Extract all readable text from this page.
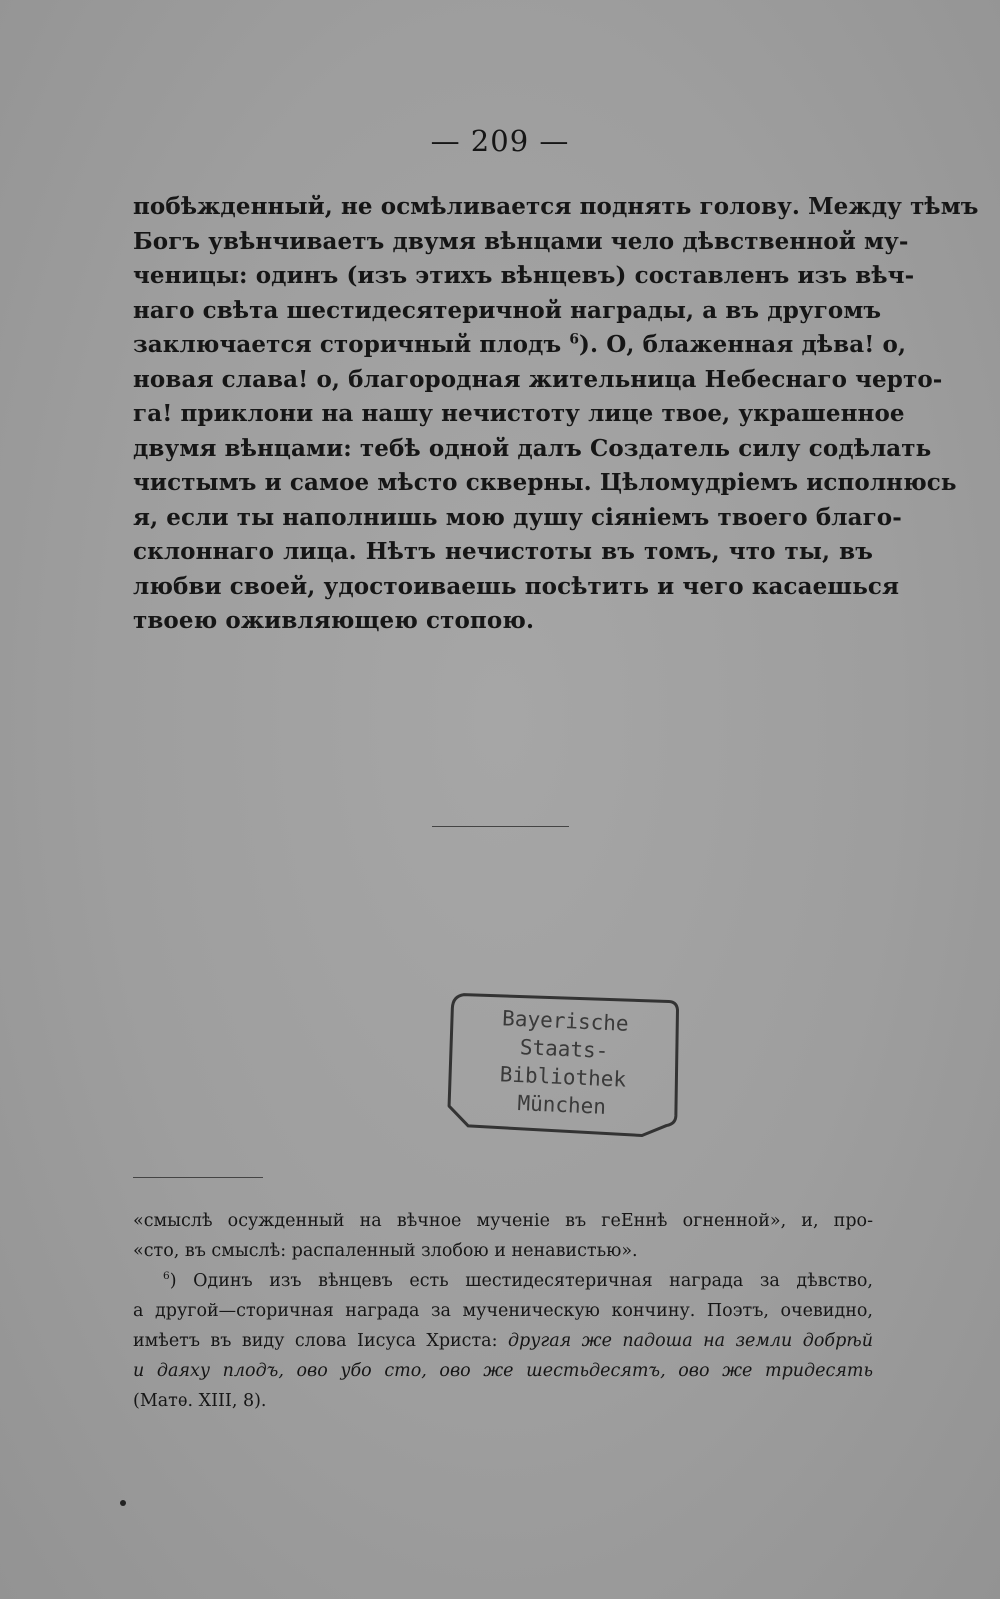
— 209 —
побѣжденный, не осмѣливается поднять голову. Между тѣмъ
Богъ увѣнчиваетъ двумя вѣнцами чело дѣвственной му-
ченицы: одинъ (изъ этихъ вѣнцевъ) составленъ изъ вѣч-
наго свѣта шестидесятеричной награды, а въ другомъ
заключается сторичный плодъ $^6$). О, блаженная дѣва! о,
новая слава! о, благородная жительница Небеснаго черто-
га! приклони на нашу нечистоту лице твое, украшенное
двумя вѣнцами: тебѣ одной далъ Создатель силу содѣлать
чистымъ и самое мѣсто скверны. Цѣломудріемъ исполнюсь
я, если ты наполнишь мою душу сіяніемъ твоего благо-
склоннаго лица. Нѣтъ нечистоты въ томъ, что ты, въ
любви своей, удостоиваешь посѣтить и чего касаешься
твоею оживляющею стопою.
Bayerische
Staats-
Bibliothek
München
«смыслѣ осужденный на вѣчное мученіе въ геEннѣ огненной», и, про-
«сто, въ смыслѣ: распаленный злобою и ненавистью».
$^6$) Одинъ изъ вѣнцевъ есть шестидесятеричная награда за дѣвство,
а другой—сторичная награда за мученическую кончину. Поэтъ, очевидно,
имѣетъ въ виду слова Іисуса Христа: другая же падоша на земли добрѣй
и даяху плодъ, ово убо сто, ово же шестьдесятъ, ово же тридесять
(Матѳ. XIII, 8).
